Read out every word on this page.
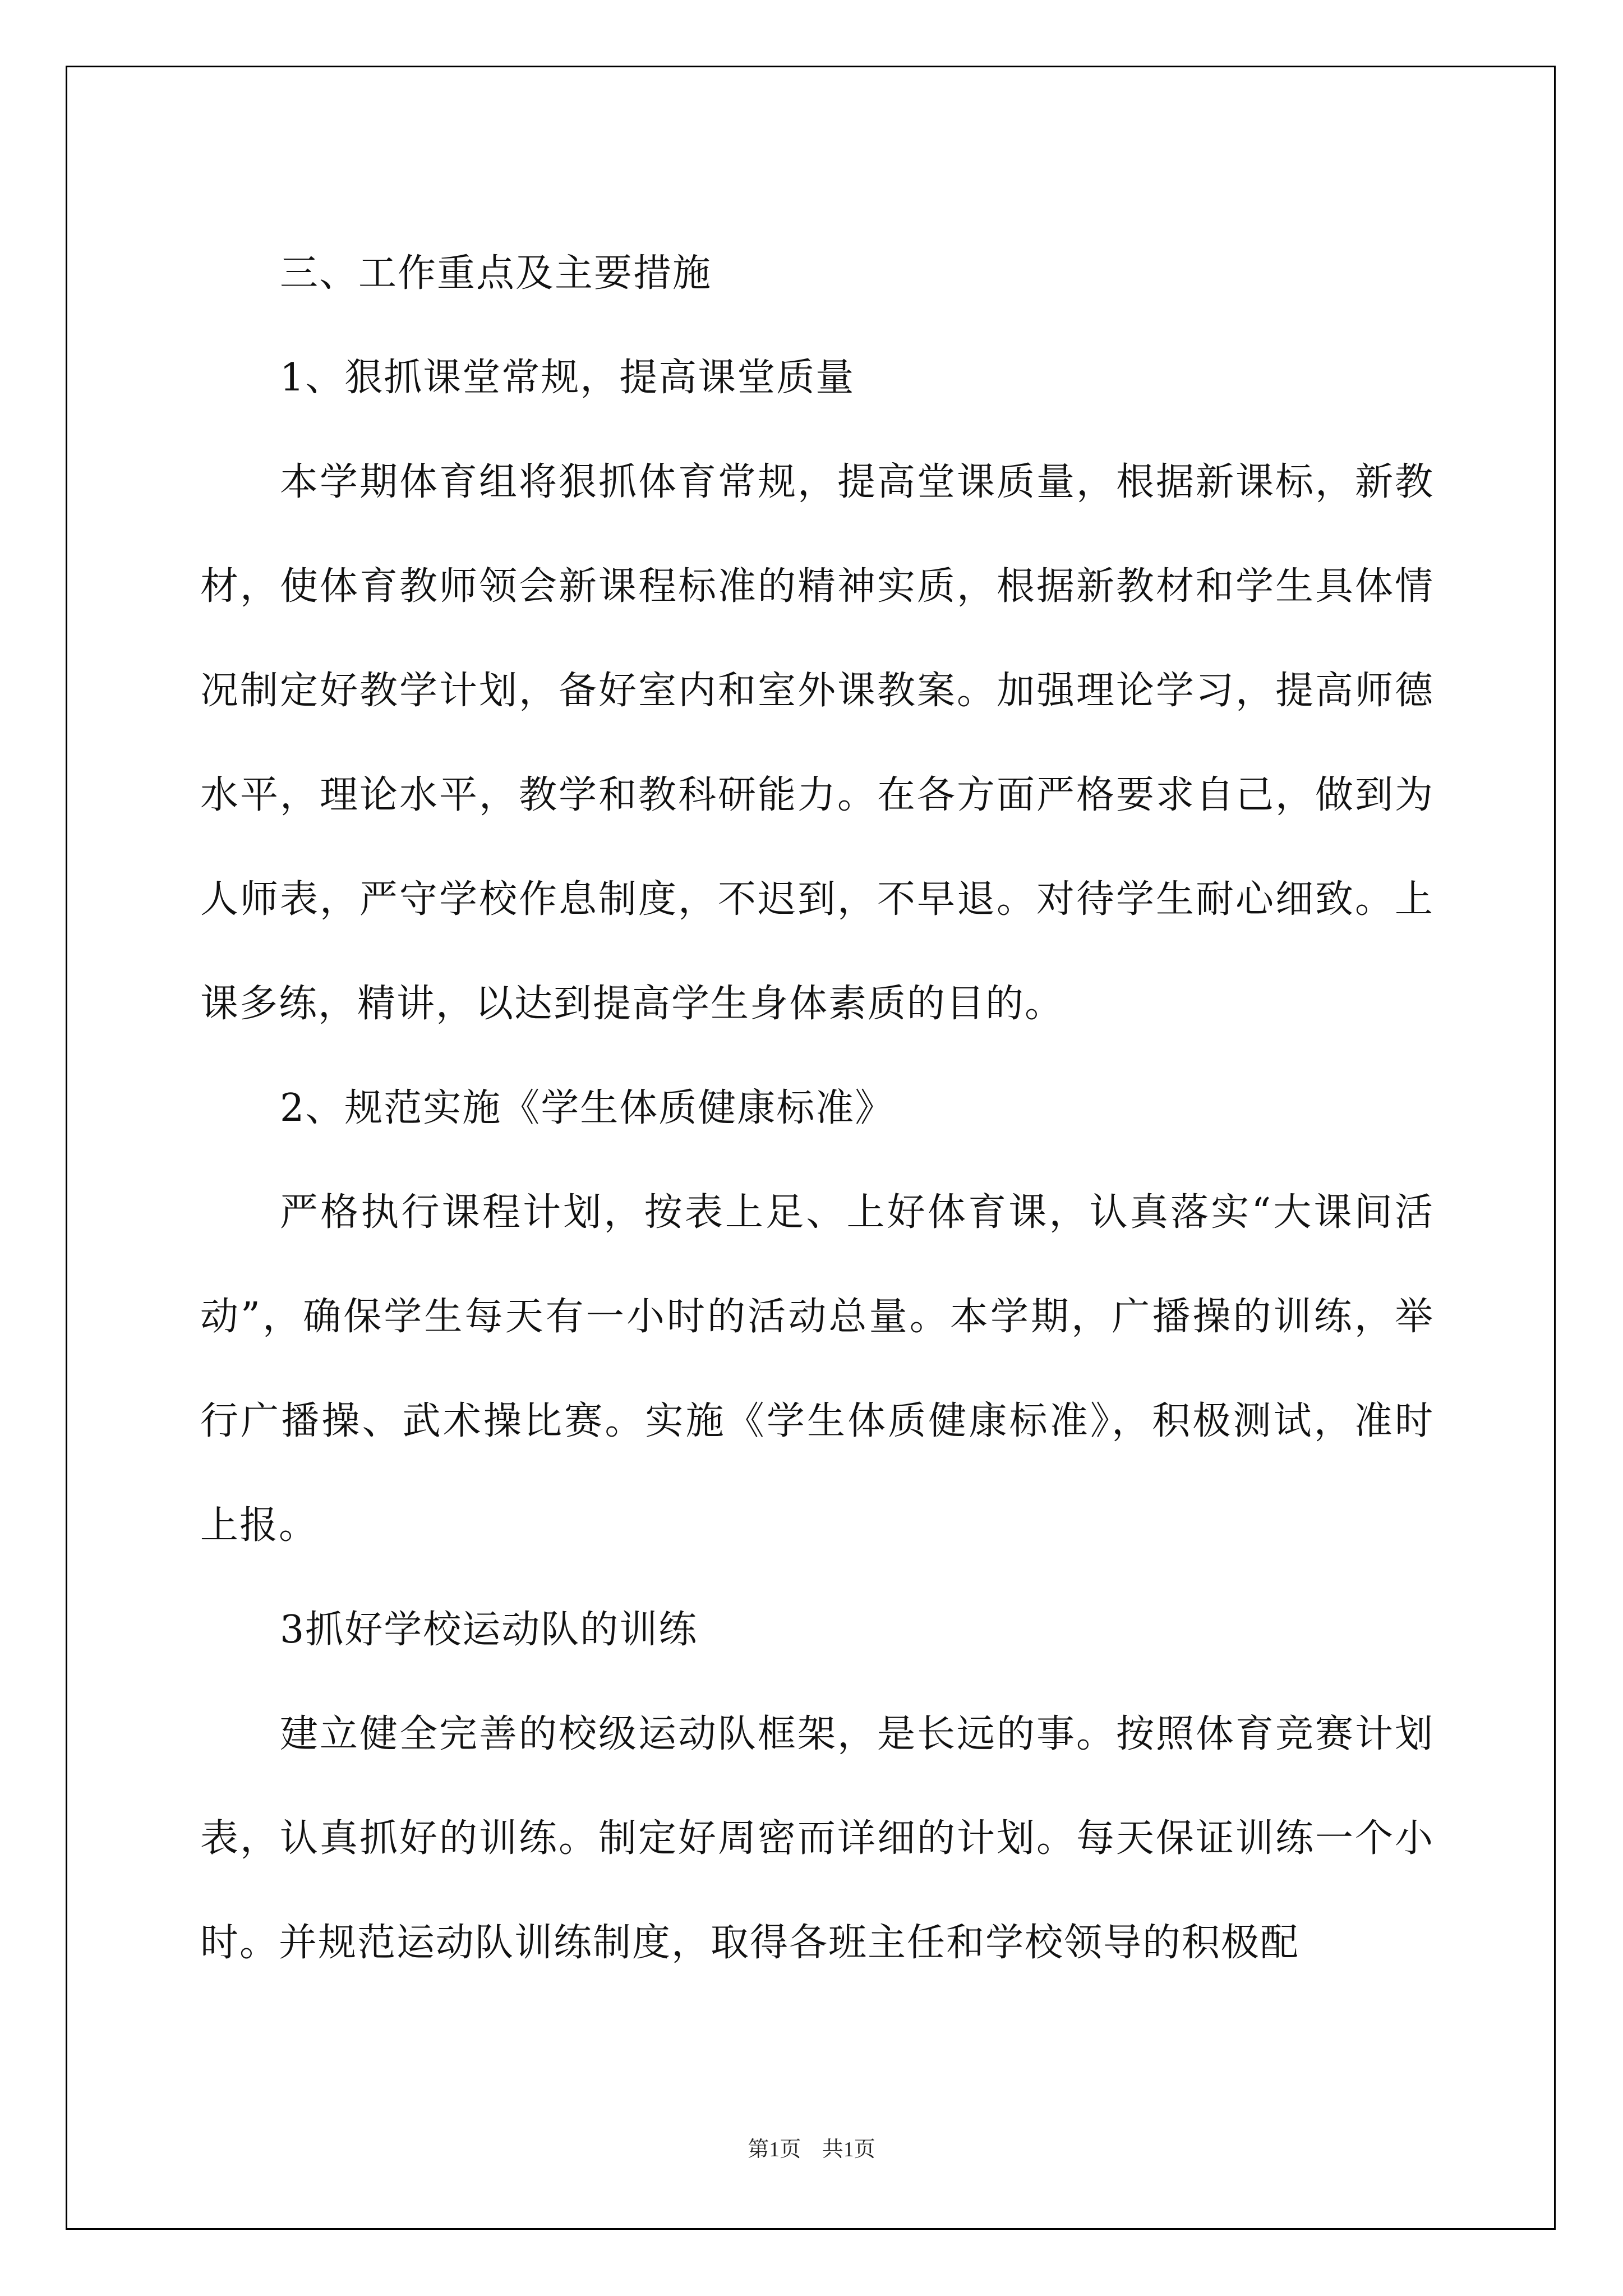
三、工作重点及主要措施

1、狠抓课堂常规，提高课堂质量

本学期体育组将狠抓体育常规，提高堂课质量，根据新课标，新教材，使体育教师领会新课程标准的精神实质，根据新教材和学生具体情况制定好教学计划，备好室内和室外课教案。加强理论学习，提高师德水平，理论水平，教学和教科研能力。在各方面严格要求自己，做到为人师表，严守学校作息制度，不迟到，不早退。对待学生耐心细致。上课多练，精讲，以达到提高学生身体素质的目的。

2、规范实施《学生体质健康标准》

严格执行课程计划，按表上足、上好体育课，认真落实“大课间活动”，确保学生每天有一小时的活动总量。本学期，广播操的训练，举行广播操、武术操比赛。实施《学生体质健康标准》，积极测试，准时上报。

3抓好学校运动队的训练

建立健全完善的校级运动队框架，是长远的事。按照体育竞赛计划表，认真抓好的训练。制定好周密而详细的计划。每天保证训练一个小时。并规范运动队训练制度，取得各班主任和学校领导的积极配

第1页 共1页
